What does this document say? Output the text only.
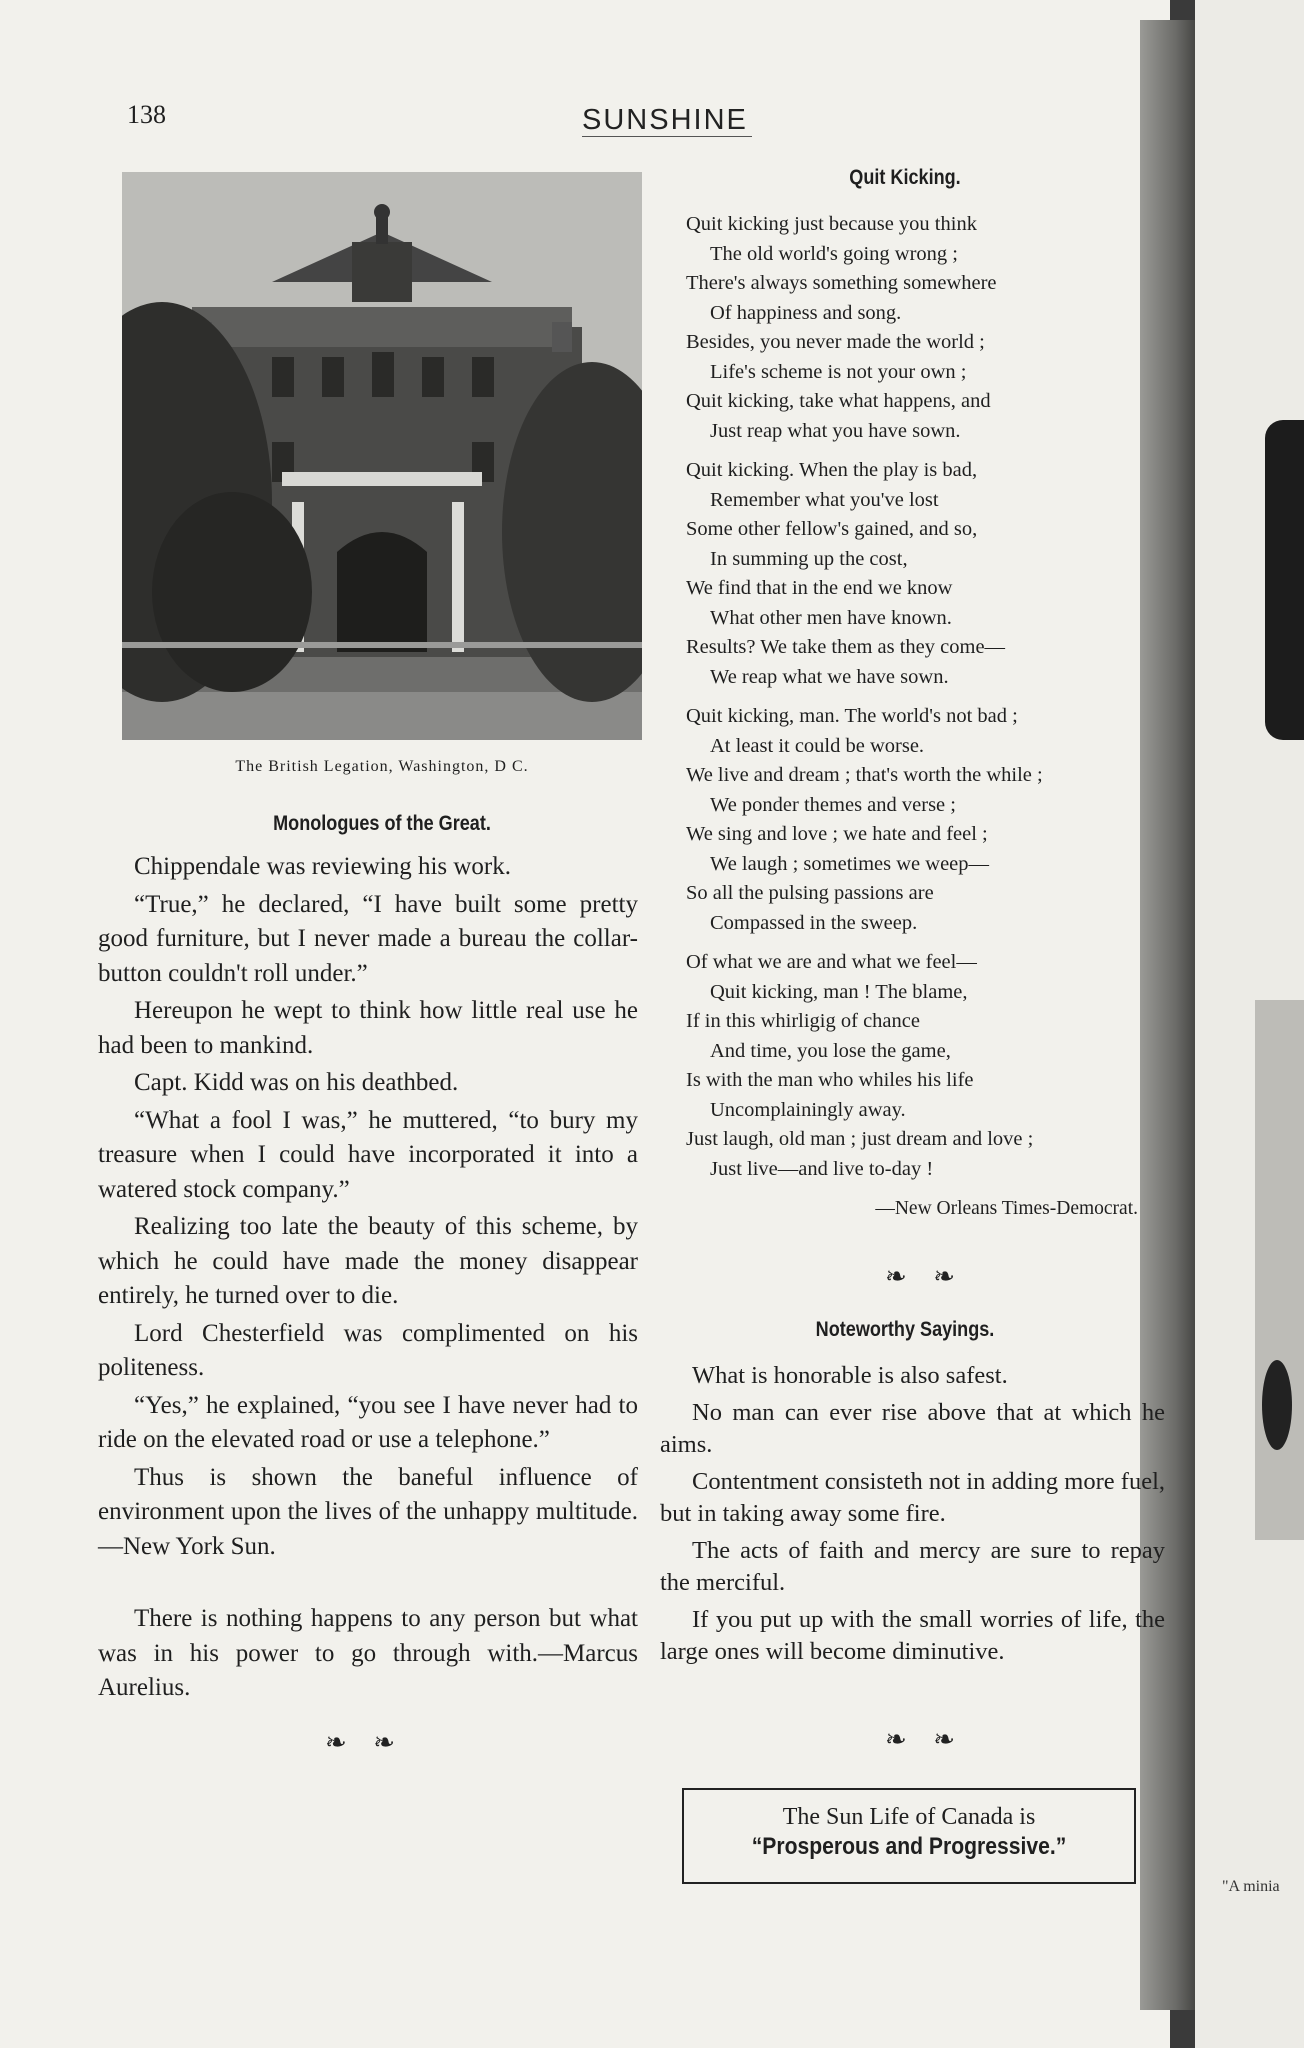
"A minia
138	SUNSHINE
The British Legation, Washington, D C.
Monologues of the Great.

Chippendale was reviewing his work.

“True,” he declared, “I have built some pretty good furniture, but I never made a bureau the collar-button couldn't roll under.”

Hereupon he wept to think how little real use he had been to mankind.

Capt. Kidd was on his deathbed.

“What a fool I was,” he muttered, “to bury my treasure when I could have incorporated it into a watered stock company.”

Realizing too late the beauty of this scheme, by which he could have made the money disappear entirely, he turned over to die.

Lord Chesterfield was complimented on his politeness.

“Yes,” he explained, “you see I have never had to ride on the elevated road or use a telephone.”

Thus is shown the baneful influence of environment upon the lives of the unhappy multitude.—New York Sun.

There is nothing happens to any person but what was in his power to go through with.—Marcus Aurelius.

❧ ❧
Quit Kicking.
Quit kicking just because you think
The old world's going wrong ;
There's always something somewhere
Of happiness and song.
Besides, you never made the world ;
Life's scheme is not your own ;
Quit kicking, take what happens, and
Just reap what you have sown.
Quit kicking. When the play is bad,
Remember what you've lost
Some other fellow's gained, and so,
In summing up the cost,
We find that in the end we know
What other men have known.
Results? We take them as they come—
We reap what we have sown.
Quit kicking, man. The world's not bad ;
At least it could be worse.
We live and dream ; that's worth the while ;
We ponder themes and verse ;
We sing and love ; we hate and feel ;
We laugh ; sometimes we weep—
So all the pulsing passions are
Compassed in the sweep.
Of what we are and what we feel—
Quit kicking, man ! The blame,
If in this whirligig of chance
And time, you lose the game,
Is with the man who whiles his life
Uncomplainingly away.
Just laugh, old man ; just dream and love ;
Just live—and live to-day !
—New Orleans Times-Democrat.
❧ ❧
Noteworthy Sayings.

What is honorable is also safest.

No man can ever rise above that at which he aims.

Contentment consisteth not in adding more fuel, but in taking away some fire.

The acts of faith and mercy are sure to repay the merciful.

If you put up with the small worries of life, the large ones will become diminutive.

❧ ❧
The Sun Life of Canada is
“Prosperous and Progressive.”
